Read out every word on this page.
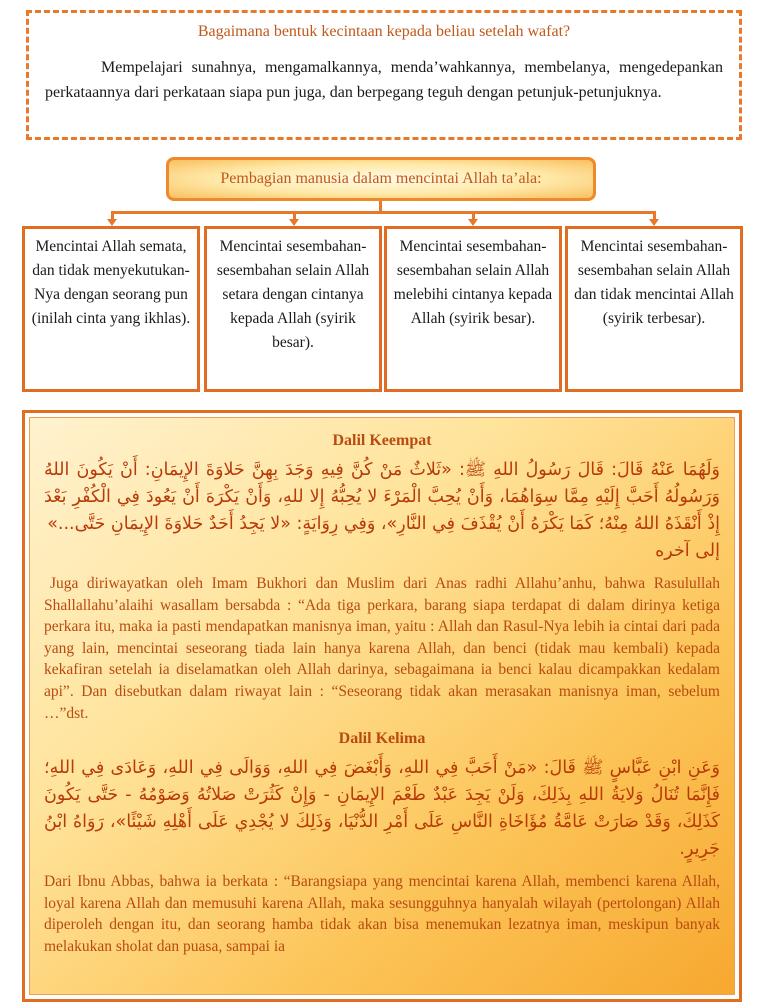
Bagaimana bentuk kecintaan kepada beliau setelah wafat?

Mempelajari sunahnya, mengamalkannya, menda’wahkannya, membelanya, mengedepankan perkataannya dari perkataan siapa pun juga, dan berpegang teguh dengan petunjuk-petunjuknya.

Pembagian manusia dalam mencintai Allah ta’ala:
Mencintai Allah semata, dan tidak menyekutukan-Nya dengan seorang pun (inilah cinta yang ikhlas).
Mencintai sesembahan-sesembahan selain Allah setara dengan cintanya kepada Allah (syirik besar).
Mencintai sesembahan-sesembahan selain Allah melebihi cintanya kepada Allah (syirik besar).
Mencintai sesembahan-sesembahan selain Allah dan tidak mencintai Allah (syirik terbesar).
Dalil Keempat

وَلَهُمَا عَنْهُ قَالَ: قَالَ رَسُولُ اللهِ ﷺ: «ثَلاثٌ مَنْ كُنَّ فِيهِ وَجَدَ بِهِنَّ حَلاوَةَ الإِيمَانِ: أَنْ يَكُونَ اللهُ وَرَسُولُهُ أَحَبَّ إِلَيْهِ مِمَّا سِوَاهُمَا، وَأَنْ يُحِبَّ الْمَرْءَ لا يُحِبُّهُ إِلا للهِ، وَأَنْ يَكْرَهَ أَنْ يَعُودَ فِي الْكُفْرِ بَعْدَ إِذْ أَنْقَذَهُ اللهُ مِنْهُ؛ كَمَا يَكْرَهُ أَنْ يُقْذَفَ فِي النَّارِ»، وَفِي رِوَايَةٍ: «لا يَجِدُ أَحَدٌ حَلاوَةَ الإِيمَانِ حَتَّى...»

إلى آخره

Juga diriwayatkan oleh Imam Bukhori dan Muslim dari Anas radhi Allahu’anhu, bahwa Rasulullah Shallallahu’alaihi wasallam bersabda : “Ada tiga perkara, barang siapa terdapat di dalam dirinya ketiga perkara itu, maka ia pasti mendapatkan manisnya iman, yaitu : Allah dan Rasul-Nya lebih ia cintai dari pada yang lain, mencintai seseorang tiada lain hanya karena Allah, dan benci (tidak mau kembali) kepada kekafiran setelah ia diselamatkan oleh Allah darinya, sebagaimana ia benci kalau dicampakkan kedalam api”. Dan disebutkan dalam riwayat lain : “Seseorang tidak akan merasakan manisnya iman, sebelum …”dst.

Dalil Kelima

وَعَنِ ابْنِ عَبَّاسٍ ﷺ قَالَ: «مَنْ أَحَبَّ فِي اللهِ، وَأَبْغَضَ فِي اللهِ، وَوَالَى فِي اللهِ، وَعَادَى فِي اللهِ؛ فَإِنَّمَا تُنَالُ وَلايَةُ اللهِ بِذَلِكَ، وَلَنْ يَجِدَ عَبْدٌ طَعْمَ الإِيمَانِ - وَإِنْ كَثُرَتْ صَلاتُهُ وَصَوْمُهُ - حَتَّى يَكُونَ كَذَلِكَ، وَقَدْ صَارَتْ عَامَّةُ مُؤَاخَاةِ النَّاسِ عَلَى أَمْرِ الدُّنْيَا، وَذَلِكَ لا يُجْدِي عَلَى أَهْلِهِ شَيْئًا»، رَوَاهُ ابْنُ جَرِيرٍ.

Dari Ibnu Abbas, bahwa ia berkata : “Barangsiapa yang mencintai karena Allah, membenci karena Allah, loyal karena Allah dan memusuhi karena Allah, maka sesungguhnya hanyalah wilayah (pertolongan) Allah diperoleh dengan itu, dan seorang hamba tidak akan bisa menemukan lezatnya iman, meskipun banyak melakukan sholat dan puasa, sampai ia
